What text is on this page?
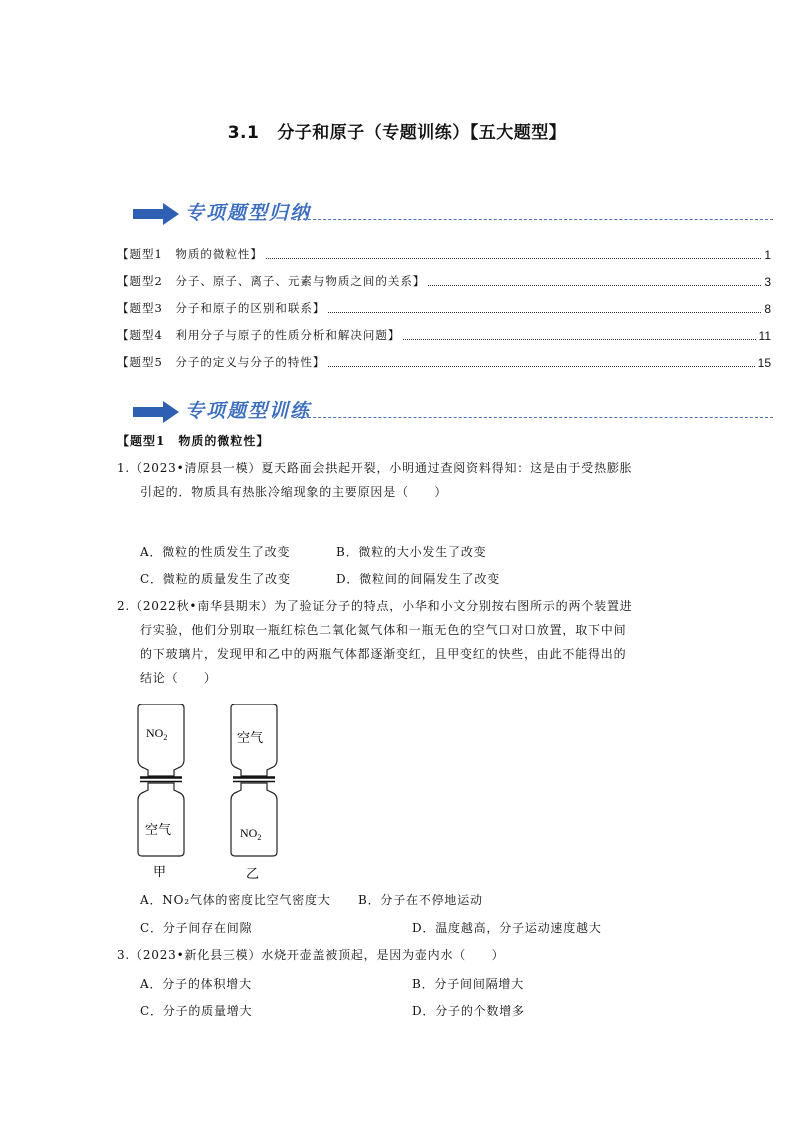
3.1 分子和原子（专题训练）【五大题型】
专项题型归纳
【题型1　物质的微粒性】	1
【题型2　分子、原子、离子、元素与物质之间的关系】	3
【题型3　分子和原子的区别和联系】	8
【题型4　利用分子与原子的性质分析和解决问题】	11
【题型5　分子的定义与分子的特性】	15
专项题型训练
【题型1　物质的微粒性】
1.（2023•清原县一模）夏天路面会拱起开裂，小明通过查阅资料得知：这是由于受热膨胀
引起的．物质具有热胀冷缩现象的主要原因是（　　）
A．微粒的性质发生了改变	B．微粒的大小发生了改变
C．微粒的质量发生了改变	D．微粒间的间隔发生了改变
2.（2022秋•南华县期末）为了验证分子的特点，小华和小文分别按右图所示的两个装置进
行实验，他们分别取一瓶红棕色二氧化氮气体和一瓶无色的空气口对口放置，取下中间
的下玻璃片，发现甲和乙中的两瓶气体都逐渐变红，且甲变红的快些，由此不能得出的
结论（　　）
$NO_2$
空气
甲
空气
$NO_2$
乙
A．NO₂气体的密度比空气密度大 B．分子在不停地运动
C．分子间存在间隙	D．温度越高，分子运动速度越大
3.（2023•新化县三模）水烧开壶盖被顶起，是因为壶内水（　　）
A．分子的体积增大	B．分子间间隔增大
C．分子的质量增大	D．分子的个数增多
